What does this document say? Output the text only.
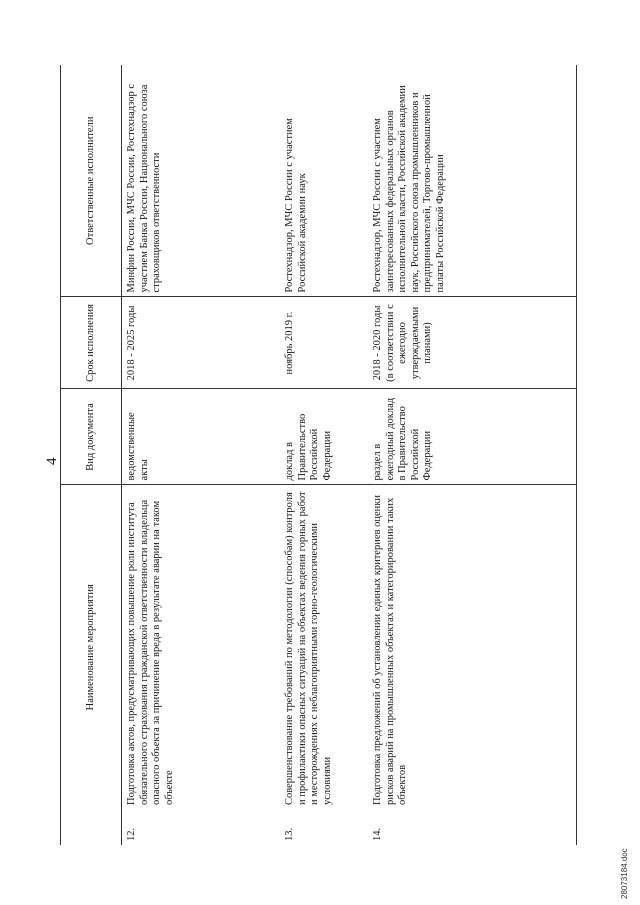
4
	Наименование мероприятия	Вид документа	Срок исполнения	Ответственные исполнители
12.	Подготовка актов, предусматривающих повышение роли института обязательного страхования гражданской ответственности владельца опасного объекта за причинение вреда в результате аварии на таком объекте	ведомственные акты	2018 - 2025 годы	Минфин России, МЧС России, Ростехнадзор с участием Банка России, Национального союза страховщиков ответственности
13.	Совершенствование требований по методологии (способам) контроля и профилактики опасных ситуаций на объектах ведения горных работ и месторождениях с неблагоприятными горно-геологическими условиями	доклад в Правительство Российской Федерации	ноябрь 2019 г.	Ростехнадзор, МЧС России с участием Российской академии наук
14.	Подготовка предложений об установлении единых критериев оценки рисков аварий на промышленных объектах и категорировании таких объектов	раздел в ежегодный доклад в Правительство Российской Федерации	2018 - 2020 годы (в соответствии с ежегодно утверждаемыми планами)	Ростехнадзор, МЧС России с участием заинтересованных федеральных органов исполнительной власти, Российской академии наук, Российского союза промышленников и предпринимателей, Торгово-промышленной палаты Российской Федерации
28073184.doc
